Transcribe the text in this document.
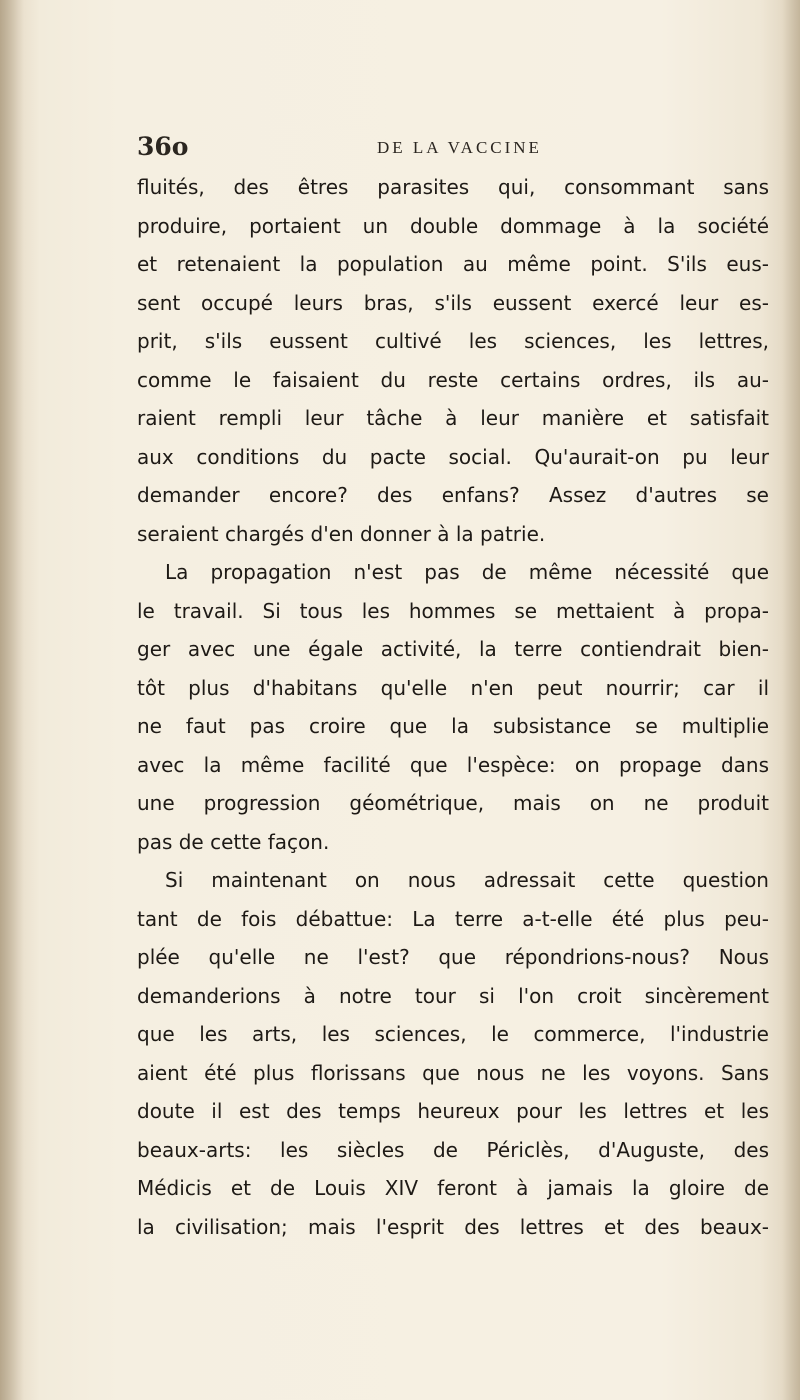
36o	DE LA VACCINE
fluités, des êtres parasites qui, consommant sans
produire, portaient un double dommage à la société
et retenaient la population au même point. S'ils eus-
sent occupé leurs bras, s'ils eussent exercé leur es-
prit, s'ils eussent cultivé les sciences, les lettres,
comme le faisaient du reste certains ordres, ils au-
raient rempli leur tâche à leur manière et satisfait
aux conditions du pacte social. Qu'aurait-on pu leur
demander encore? des enfans? Assez d'autres se
seraient chargés d'en donner à la patrie.
La propagation n'est pas de même nécessité que
le travail. Si tous les hommes se mettaient à propa-
ger avec une égale activité, la terre contiendrait bien-
tôt plus d'habitans qu'elle n'en peut nourrir; car il
ne faut pas croire que la subsistance se multiplie
avec la même facilité que l'espèce: on propage dans
une progression géométrique, mais on ne produit
pas de cette façon.
Si maintenant on nous adressait cette question
tant de fois débattue: La terre a-t-elle été plus peu-
plée qu'elle ne l'est? que répondrions-nous? Nous
demanderions à notre tour si l'on croit sincèrement
que les arts, les sciences, le commerce, l'industrie
aient été plus florissans que nous ne les voyons. Sans
doute il est des temps heureux pour les lettres et les
beaux-arts: les siècles de Périclès, d'Auguste, des
Médicis et de Louis XIV feront à jamais la gloire de
la civilisation; mais l'esprit des lettres et des beaux-
